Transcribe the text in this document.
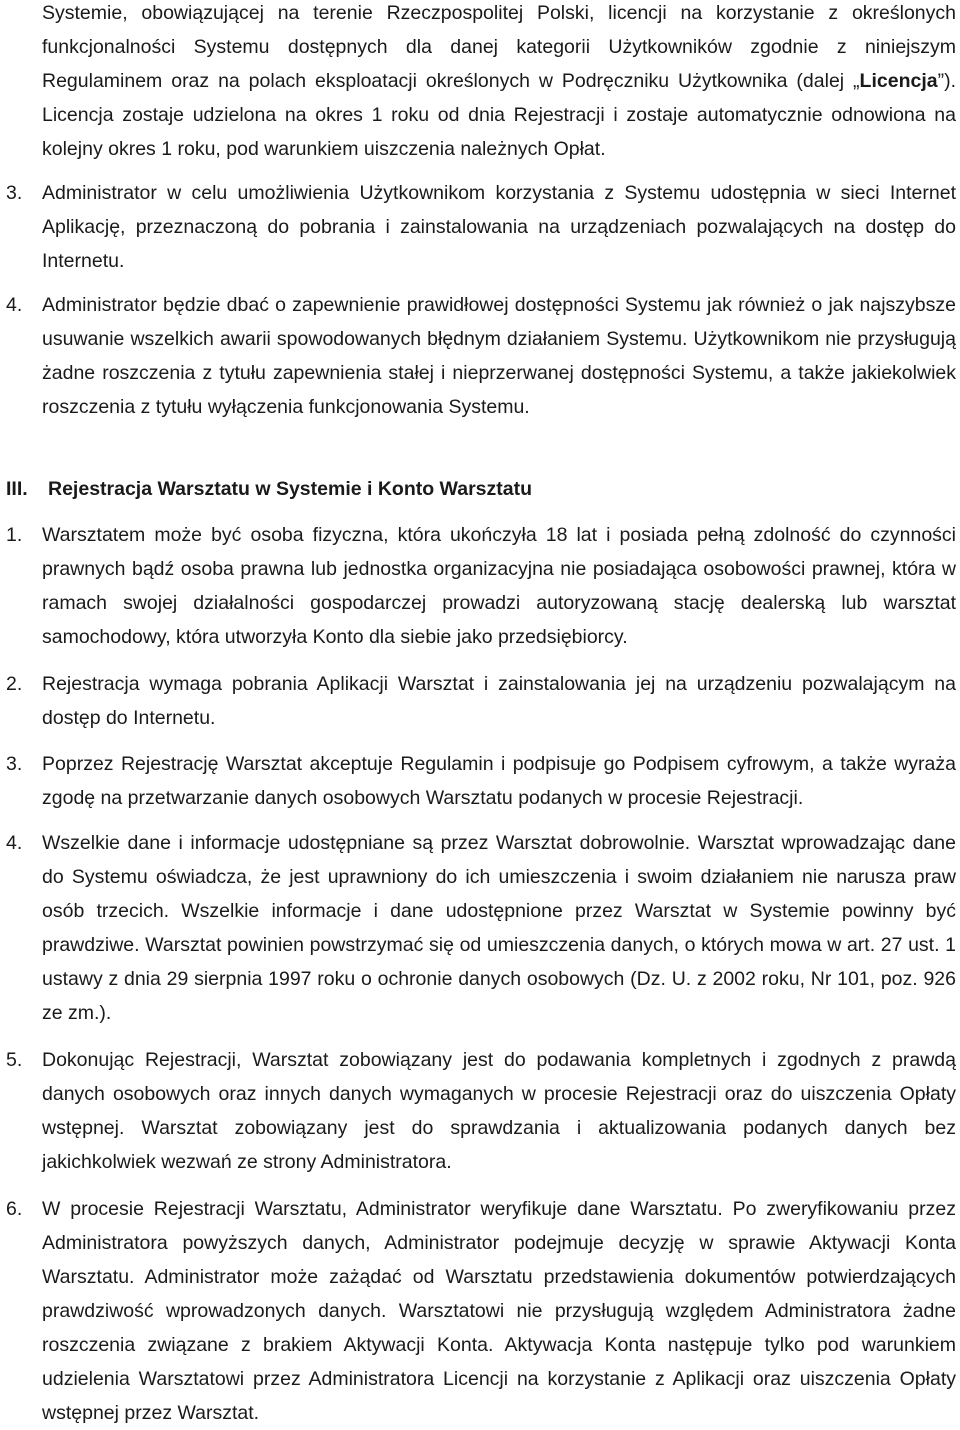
Systemie, obowiązującej na terenie Rzeczpospolitej Polski, licencji na korzystanie z określonych funkcjonalności Systemu dostępnych dla danej kategorii Użytkowników zgodnie z niniejszym Regulaminem oraz na polach eksploatacji określonych w Podręczniku Użytkownika (dalej „Licencja”). Licencja zostaje udzielona na okres 1 roku od dnia Rejestracji i zostaje automatycznie odnowiona na kolejny okres 1 roku, pod warunkiem uiszczenia należnych Opłat.

3. Administrator w celu umożliwienia Użytkownikom korzystania z Systemu udostępnia w sieci Internet Aplikację, przeznaczoną do pobrania i zainstalowania na urządzeniach pozwalających na dostęp do Internetu.

4. Administrator będzie dbać o zapewnienie prawidłowej dostępności Systemu jak również o jak najszybsze usuwanie wszelkich awarii spowodowanych błędnym działaniem Systemu. Użytkownikom nie przysługują żadne roszczenia z tytułu zapewnienia stałej i nieprzerwanej dostępności Systemu, a także jakiekolwiek roszczenia z tytułu wyłączenia funkcjonowania Systemu.

III. Rejestracja Warsztatu w Systemie i Konto Warsztatu
1. Warsztatem może być osoba fizyczna, która ukończyła 18 lat i posiada pełną zdolność do czynności prawnych bądź osoba prawna lub jednostka organizacyjna nie posiadająca osobowości prawnej, która w ramach swojej działalności gospodarczej prowadzi autoryzowaną stację dealerską lub warsztat samochodowy, która utworzyła Konto dla siebie jako przedsiębiorcy.

2. Rejestracja wymaga pobrania Aplikacji Warsztat i zainstalowania jej na urządzeniu pozwalającym na dostęp do Internetu.

3. Poprzez Rejestrację Warsztat akceptuje Regulamin i podpisuje go Podpisem cyfrowym, a także wyraża zgodę na przetwarzanie danych osobowych Warsztatu podanych w procesie Rejestracji.

4. Wszelkie dane i informacje udostępniane są przez Warsztat dobrowolnie. Warsztat wprowadzając dane do Systemu oświadcza, że jest uprawniony do ich umieszczenia i swoim działaniem nie narusza praw osób trzecich. Wszelkie informacje i dane udostępnione przez Warsztat w Systemie powinny być prawdziwe. Warsztat powinien powstrzymać się od umieszczenia danych, o których mowa w art. 27 ust. 1 ustawy z dnia 29 sierpnia 1997 roku o ochronie danych osobowych (Dz. U. z 2002 roku, Nr 101, poz. 926 ze zm.).

5. Dokonując Rejestracji, Warsztat zobowiązany jest do podawania kompletnych i zgodnych z prawdą danych osobowych oraz innych danych wymaganych w procesie Rejestracji oraz do uiszczenia Opłaty wstępnej. Warsztat zobowiązany jest do sprawdzania i aktualizowania podanych danych bez jakichkolwiek wezwań ze strony Administratora.

6. W procesie Rejestracji Warsztatu, Administrator weryfikuje dane Warsztatu. Po zweryfikowaniu przez Administratora powyższych danych, Administrator podejmuje decyzję w sprawie Aktywacji Konta Warsztatu. Administrator może zażądać od Warsztatu przedstawienia dokumentów potwierdzających prawdziwość wprowadzonych danych. Warsztatowi nie przysługują względem Administratora żadne roszczenia związane z brakiem Aktywacji Konta. Aktywacja Konta następuje tylko pod warunkiem udzielenia Warsztatowi przez Administratora Licencji na korzystanie z Aplikacji oraz uiszczenia Opłaty wstępnej przez Warsztat.
